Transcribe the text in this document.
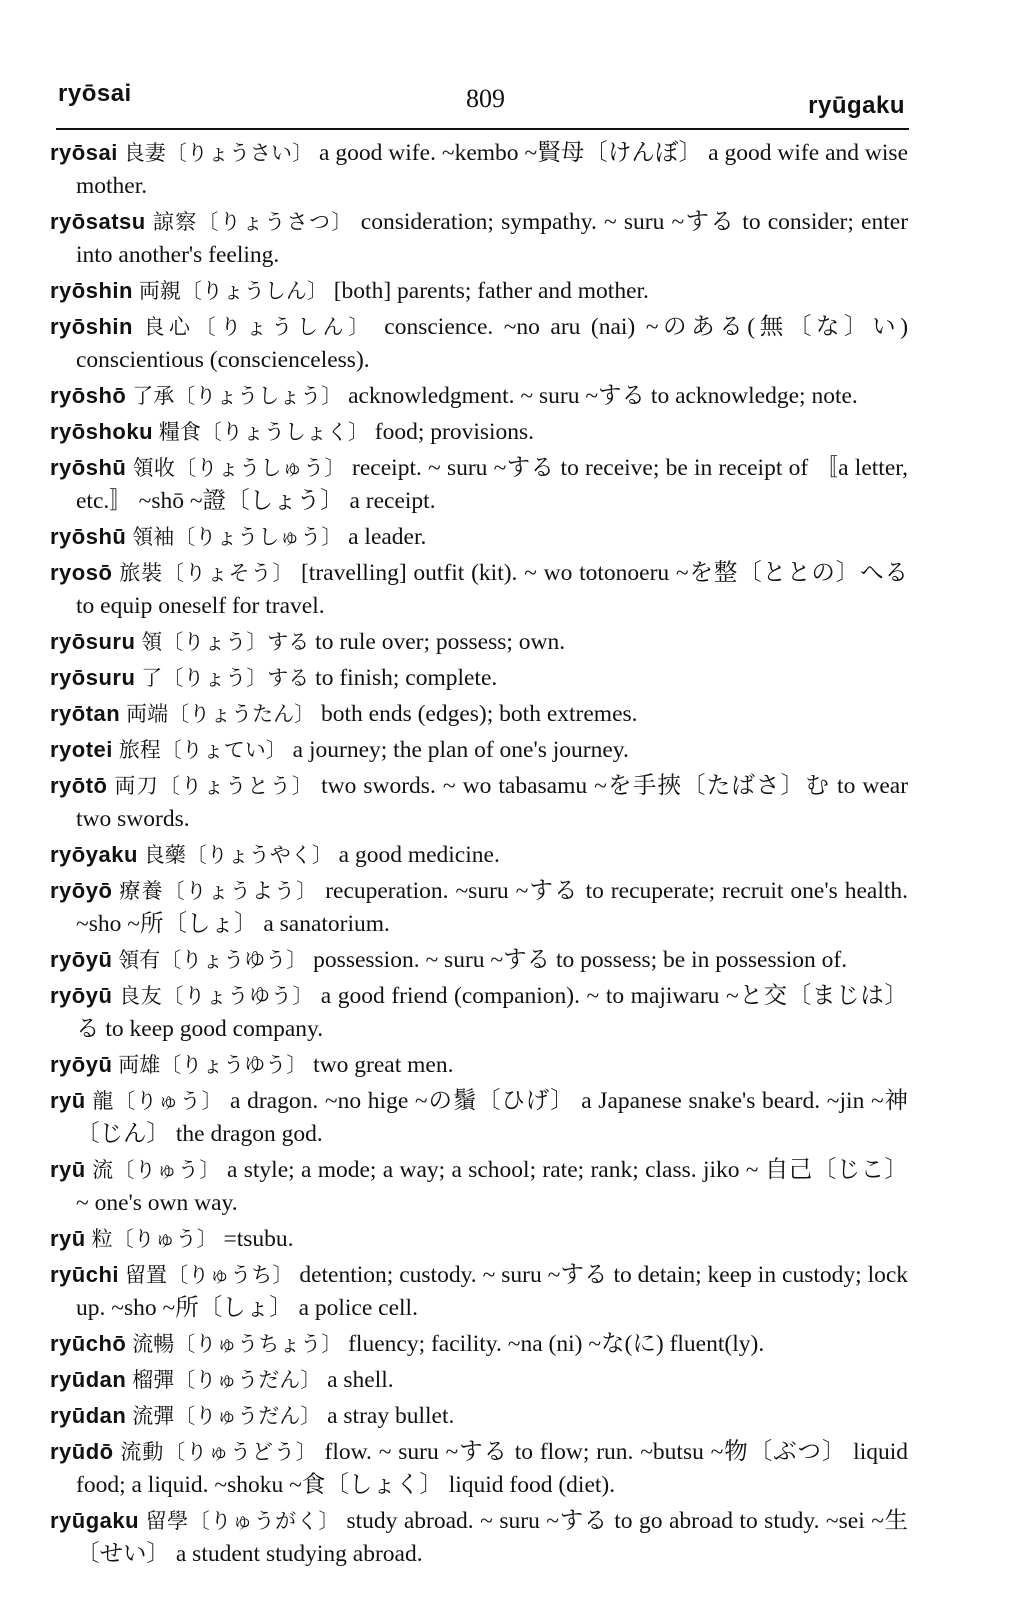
ryōsai	809	ryūgaku
ryōsai 良妻〔りょうさい〕 a good wife. ~kembo ~賢母〔けんぼ〕 a good wife and wise mother.
ryōsatsu 諒察〔りょうさつ〕 consideration; sympathy. ~ suru ~する to consider; enter into another's feeling.
ryōshin 両親〔りょうしん〕 [both] parents; father and mother.
ryōshin 良心〔りょうしん〕 conscience. ~no aru (nai) ~のある(無〔な〕い) conscientious (conscienceless).
ryōshō 了承〔りょうしょう〕 acknowledgment. ~ suru ~する to acknowledge; note.
ryōshoku 糧食〔りょうしょく〕 food; provisions.
ryōshū 領收〔りょうしゅう〕 receipt. ~ suru ~する to receive; be in receipt of 〚a letter, etc.〛 ~shō ~證〔しょう〕 a receipt.
ryōshū 領袖〔りょうしゅう〕 a leader.
ryosō 旅裝〔りょそう〕 [travelling] outfit (kit). ~ wo totonoeru ~を整〔ととの〕へる to equip oneself for travel.
ryōsuru 領〔りょう〕する to rule over; possess; own.
ryōsuru 了〔りょう〕する to finish; complete.
ryōtan 両端〔りょうたん〕 both ends (edges); both extremes.
ryotei 旅程〔りょてい〕 a journey; the plan of one's journey.
ryōtō 両刀〔りょうとう〕 two swords. ~ wo tabasamu ~を手挾〔たばさ〕む to wear two swords.
ryōyaku 良藥〔りょうやく〕 a good medicine.
ryōyō 療養〔りょうよう〕 recuperation. ~suru ~する to recuperate; recruit one's health. ~sho ~所〔しょ〕 a sanatorium.
ryōyū 領有〔りょうゆう〕 possession. ~ suru ~する to possess; be in possession of.
ryōyū 良友〔りょうゆう〕 a good friend (companion). ~ to majiwaru ~と交〔まじは〕る to keep good company.
ryōyū 両雄〔りょうゆう〕 two great men.
ryū 龍〔りゅう〕 a dragon. ~no hige ~の鬚〔ひげ〕 a Japanese snake's beard. ~jin ~神〔じん〕 the dragon god.
ryū 流〔りゅう〕 a style; a mode; a way; a school; rate; rank; class. jiko ~ 自己〔じこ〕~ one's own way.
ryū 粒〔りゅう〕 =tsubu.
ryūchi 留置〔りゅうち〕 detention; custody. ~ suru ~する to detain; keep in custody; lock up. ~sho ~所〔しょ〕 a police cell.
ryūchō 流暢〔りゅうちょう〕 fluency; facility. ~na (ni) ~な(に) fluent(ly).
ryūdan 榴彈〔りゅうだん〕 a shell.
ryūdan 流彈〔りゅうだん〕 a stray bullet.
ryūdō 流動〔りゅうどう〕 flow. ~ suru ~する to flow; run. ~butsu ~物〔ぶつ〕 liquid food; a liquid. ~shoku ~食〔しょく〕 liquid food (diet).
ryūgaku 留學〔りゅうがく〕 study abroad. ~ suru ~する to go abroad to study. ~sei ~生〔せい〕 a student studying abroad.
